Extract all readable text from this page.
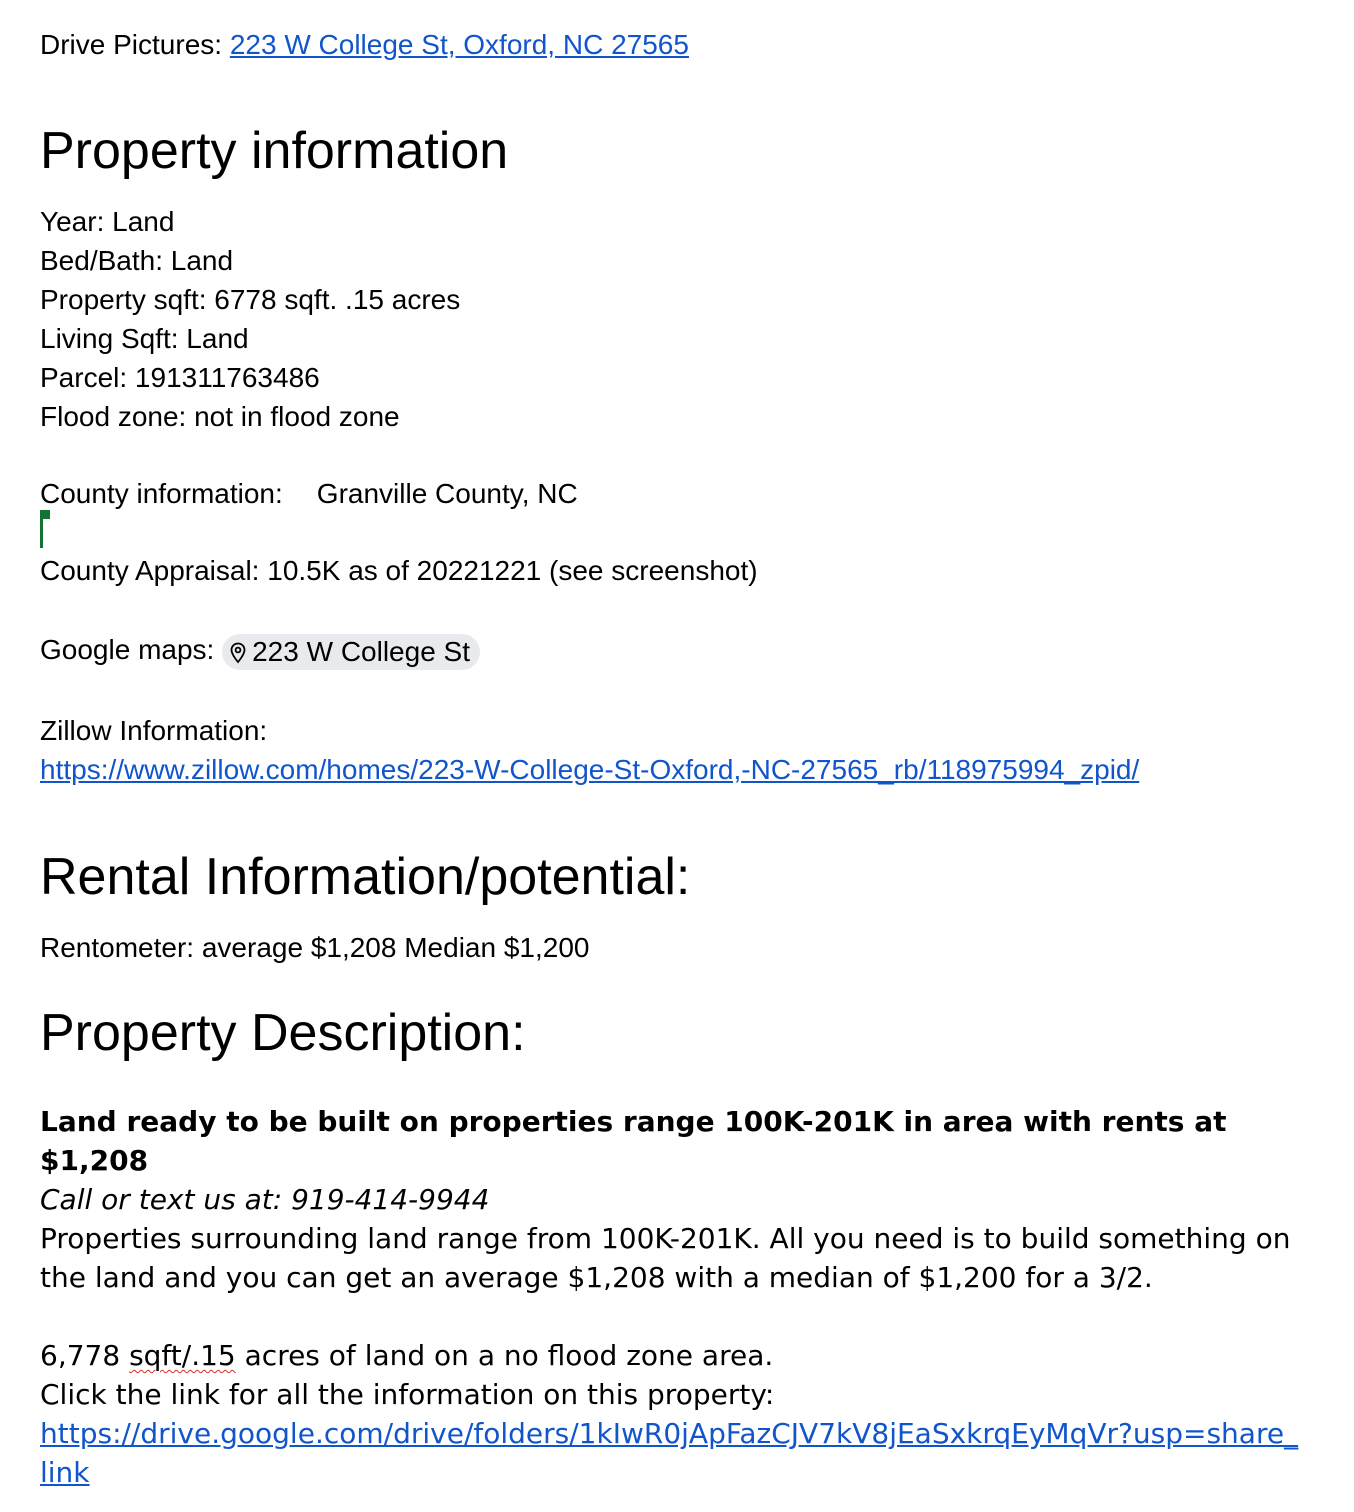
Drive Pictures: 223 W College St, Oxford, NC 27565
Property information
Year: Land
Bed/Bath: Land
Property sqft: 6778 sqft. .15 acres
Living Sqft: Land
Parcel: 191311763486
Flood zone: not in flood zone
County information: Granville County, NC
County Appraisal: 10.5K as of 20221221 (see screenshot)
Google maps: 223 W College St
Zillow Information:
https://www.zillow.com/homes/223-W-College-St-Oxford,-NC-27565_rb/118975994_zpid/
Rental Information/potential:
Rentometer: average $1,208 Median $1,200
Property Description:
Land ready to be built on properties range 100K-201K in area with rents at $1,208
Call or text us at: 919-414-9944
Properties surrounding land range from 100K-201K. All you need is to build something on the land and you can get an average $1,208 with a median of $1,200 for a 3/2.
6,778 sqft/.15 acres of land on a no flood zone area.
Click the link for all the information on this property:
https://drive.google.com/drive/folders/1kIwR0jApFazCJV7kV8jEaSxkrqEyMqVr?usp=share_link
